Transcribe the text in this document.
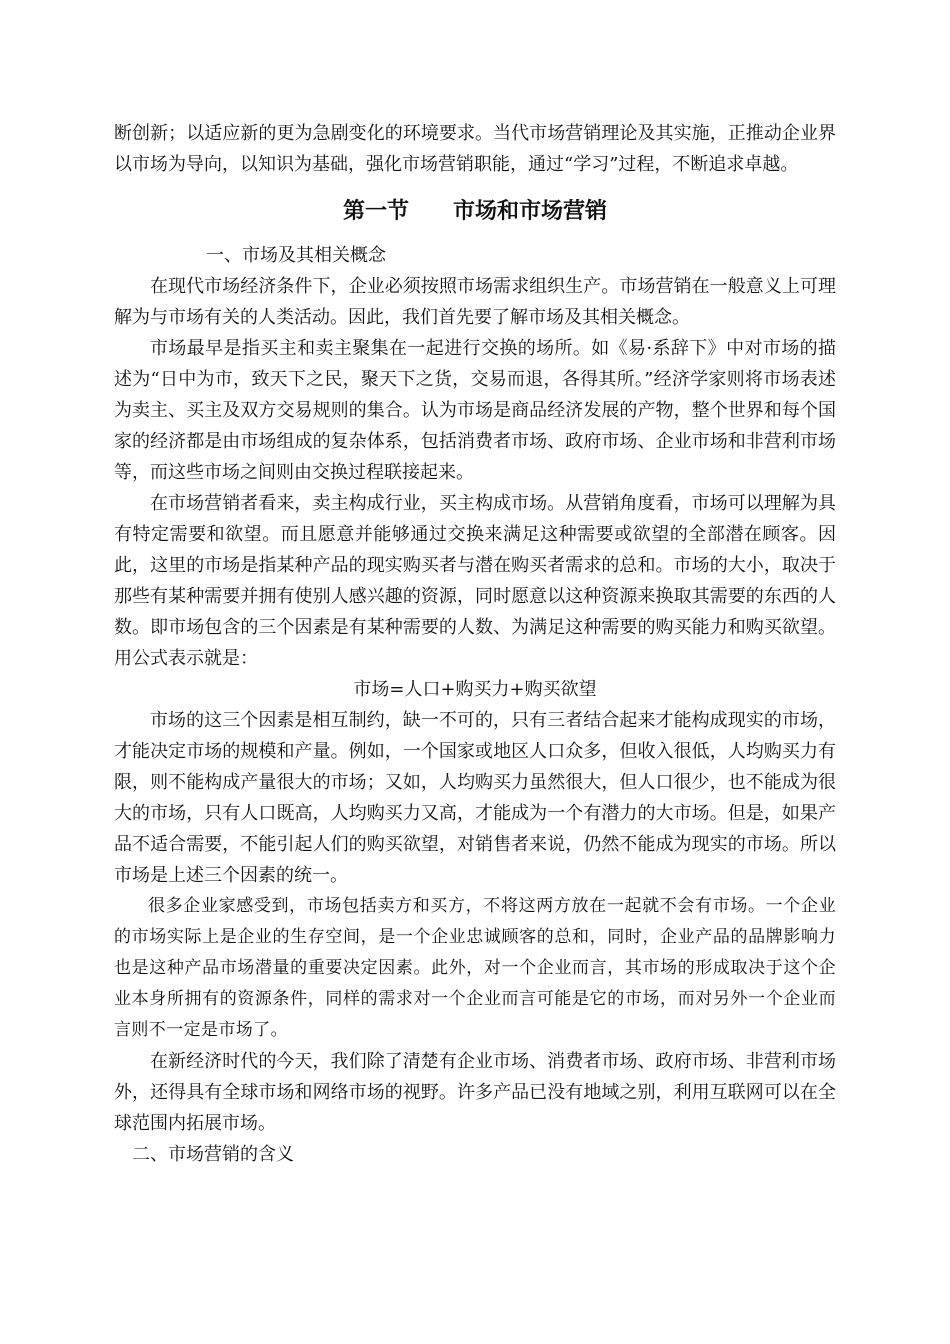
断创新；以适应新的更为急剧变化的环境要求。当代市场营销理论及其实施，正推动企业界以市场为导向，以知识为基础，强化市场营销职能，通过“学习”过程，不断追求卓越。

第一节　　市场和市场营销

一、市场及其相关概念

在现代市场经济条件下，企业必须按照市场需求组织生产。市场营销在一般意义上可理解为与市场有关的人类活动。因此，我们首先要了解市场及其相关概念。

市场最早是指买主和卖主聚集在一起进行交换的场所。如《易·系辞下》中对市场的描述为“日中为市，致天下之民，聚天下之货，交易而退，各得其所。”经济学家则将市场表述为卖主、买主及双方交易规则的集合。认为市场是商品经济发展的产物，整个世界和每个国家的经济都是由市场组成的复杂体系，包括消费者市场、政府市场、企业市场和非营利市场等，而这些市场之间则由交换过程联接起来。

在市场营销者看来，卖主构成行业，买主构成市场。从营销角度看，市场可以理解为具有特定需要和欲望。而且愿意并能够通过交换来满足这种需要或欲望的全部潜在顾客。因此，这里的市场是指某种产品的现实购买者与潜在购买者需求的总和。市场的大小，取决于那些有某种需要并拥有使别人感兴趣的资源，同时愿意以这种资源来换取其需要的东西的人数。即市场包含的三个因素是有某种需要的人数、为满足这种需要的购买能力和购买欲望。用公式表示就是：

市场=人口+购买力+购买欲望

市场的这三个因素是相互制约，缺一不可的，只有三者结合起来才能构成现实的市场，才能决定市场的规模和产量。例如，一个国家或地区人口众多，但收入很低，人均购买力有限，则不能构成产量很大的市场；又如，人均购买力虽然很大，但人口很少，也不能成为很大的市场，只有人口既高，人均购买力又高，才能成为一个有潜力的大市场。但是，如果产品不适合需要，不能引起人们的购买欲望，对销售者来说，仍然不能成为现实的市场。所以市场是上述三个因素的统一。

很多企业家感受到，市场包括卖方和买方，不将这两方放在一起就不会有市场。一个企业的市场实际上是企业的生存空间，是一个企业忠诚顾客的总和，同时，企业产品的品牌影响力也是这种产品市场潜量的重要决定因素。此外，对一个企业而言，其市场的形成取决于这个企业本身所拥有的资源条件，同样的需求对一个企业而言可能是它的市场，而对另外一个企业而言则不一定是市场了。

在新经济时代的今天，我们除了清楚有企业市场、消费者市场、政府市场、非营利市场外，还得具有全球市场和网络市场的视野。许多产品已没有地域之别，利用互联网可以在全球范围内拓展市场。

二、市场营销的含义
